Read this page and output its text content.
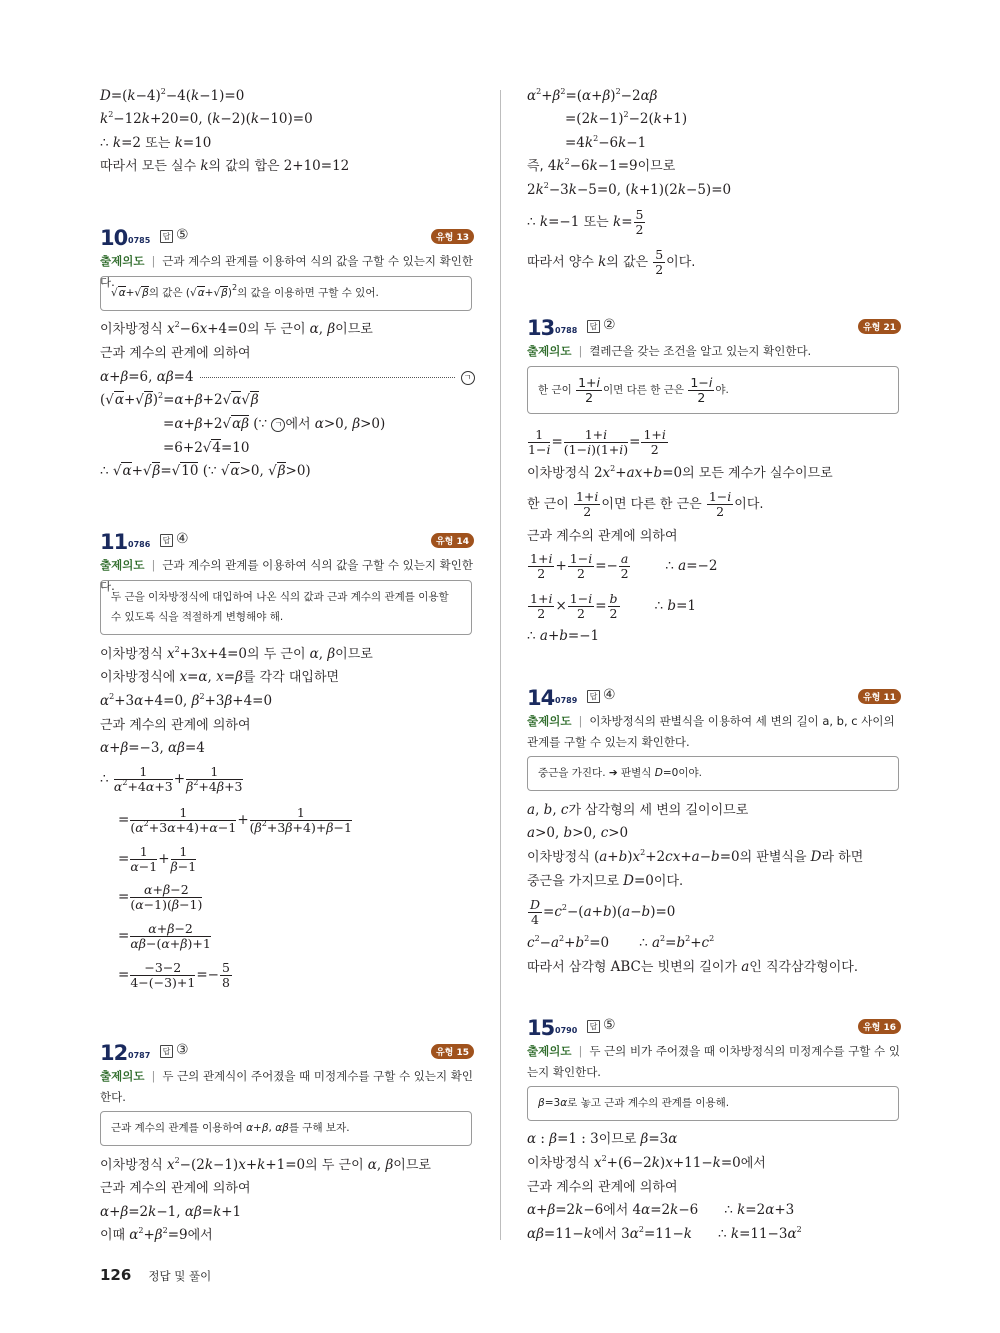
$D=(k-4)^2-4(k-1)=0$
$k^2-12k+20=0$, (k−2)(k−10)=0
∴ k=2 또는 k=10
따라서 모든 실수 k의 값의 합은 2+10=12
10 0785	답 ⑤	유형 13
출제의도 | 근과 계수의 관계를 이용하여 식의 값을 구할 수 있는지 확인한다.
√α+√β의 값은 $(√\alpha+√\beta)^2$의 값을 이용하면 구할 수 있어.
이차방정식 $x^2-6x+4=0$의 두 근이 α, β이므로
근과 계수의 관계에 의하여
α+β=6, αβ=4	ㄱ
$(√\alpha+√\beta)^2=\alpha+\beta+2√\alpha√\beta$
=α+β+2√αβ (∵ ㄱ 에서 α>0, β>0)
=6+2√4=10
∴ √α+√β=√10 (∵ √α>0, √β>0)
11 0786	답 ④	유형 14
출제의도 | 근과 계수의 관계를 이용하여 식의 값을 구할 수 있는지 확인한다.
두 근을 이차방정식에 대입하여 나온 식의 값과 근과 계수의 관계를 이용할 수 있도록 식을 적절하게 변형해야 해.
이차방정식 $x^2+3x+4=0$의 두 근이 α, β이므로
이차방정식에 x=α, x=β를 각각 대입하면
$\alpha^2+3\alpha+4=0$, $\beta^2+3\beta+4=0$
근과 계수의 관계에 의하여
α+β=−3, αβ=4
∴ $\frac{1}{\alpha^2+4\alpha+3} + \frac{1}{\beta^2+4\beta+3}$
= $\frac{1}{(\alpha^2+3\alpha+4)+\alpha-1} + \frac{1}{(\beta^2+3\beta+4)+\beta-1}$
= $\frac{1}{\alpha-1} + \frac{1}{\beta-1}$
= $\frac{\alpha+\beta-2}{(\alpha-1)(\beta-1)}$
= $\frac{\alpha+\beta-2}{\alpha\beta-(\alpha+\beta)+1}$
= $\frac{-3-2}{4-(-3)+1} =- \frac{5}{8}$
12 0787	답 ③	유형 15
출제의도 | 두 근의 관계식이 주어졌을 때 미정계수를 구할 수 있는지 확인한다.
근과 계수의 관계를 이용하여 α+β, αβ를 구해 보자.
이차방정식 $x^2-(2k-1)x+k+1=0$의 두 근이 α, β이므로
근과 계수의 관계에 의하여
α+β=2k−1, αβ=k+1
이때 $\alpha^2+\beta^2=9$에서
$\alpha^2+\beta^2=(\alpha+\beta)^2-2\alpha\beta$
$=(2k-1)^2-2(k+1)$
$=4k^2-6k-1$
즉, $4k^2-6k-1=9$이므로
$2k^2-3k-5=0$, (k+1)(2k−5)=0
∴ k=−1 또는 $k= \frac{5}{2}$
따라서 양수 k의 값은 $\frac{5}{2}$ 이다.
13 0788	답 ②	유형 21
출제의도 | 켤레근을 갖는 조건을 알고 있는지 확인한다.
한 근이 $\frac{1+i}{2}$ 이면 다른 한 근은 $\frac{1-i}{2}$ 야.
$\frac{1}{1-i} = \frac{1+i}{(1-i)(1+i)} = \frac{1+i}{2}$
이차방정식 $2x^2+ax+b=0$의 모든 계수가 실수이므로
한 근이 $\frac{1+i}{2}$ 이면 다른 한 근은 $\frac{1-i}{2}$ 이다.
근과 계수의 관계에 의하여
$\frac{1+i}{2} + \frac{1-i}{2} =- \frac{a}{2}$	∴ a=−2
$\frac{1+i}{2} \times \frac{1-i}{2} = \frac{b}{2}$	∴ b=1
∴ a+b=−1
14 0789	답 ④	유형 11
출제의도 | 이차방정식의 판별식을 이용하여 세 변의 길이 a, b, c 사이의 관계를 구할 수 있는지 확인한다.
중근을 가진다. ➔ 판별식 D=0이야.
a, b, c가 삼각형의 세 변의 길이이므로
a>0, b>0, c>0
이차방정식 $(a+b)x^2+2cx+a-b=0$의 판별식을 D라 하면
중근을 가지므로 D=0이다.
$\frac{D}{4} =c^2-(a+b)(a-b)=0$
$c^2-a^2+b^2=0$ ∴ $a^2=b^2+c^2$
따라서 삼각형 ABC는 빗변의 길이가 a인 직각삼각형이다.
15 0790	답 ⑤	유형 16
출제의도 | 두 근의 비가 주어졌을 때 이차방정식의 미정계수를 구할 수 있는지 확인한다.
β=3α로 놓고 근과 계수의 관계를 이용해.
α : β=1 : 3이므로 β=3α
이차방정식 $x^2+(6-2k)x+11-k=0$에서
근과 계수의 관계에 의하여
α+β=2k−6에서 4α=2k−6 ∴ k=2α+3
αβ=11−k에서 $3\alpha^2=11-k$ ∴ $k=11-3\alpha^2$
126 정답 및 풀이
